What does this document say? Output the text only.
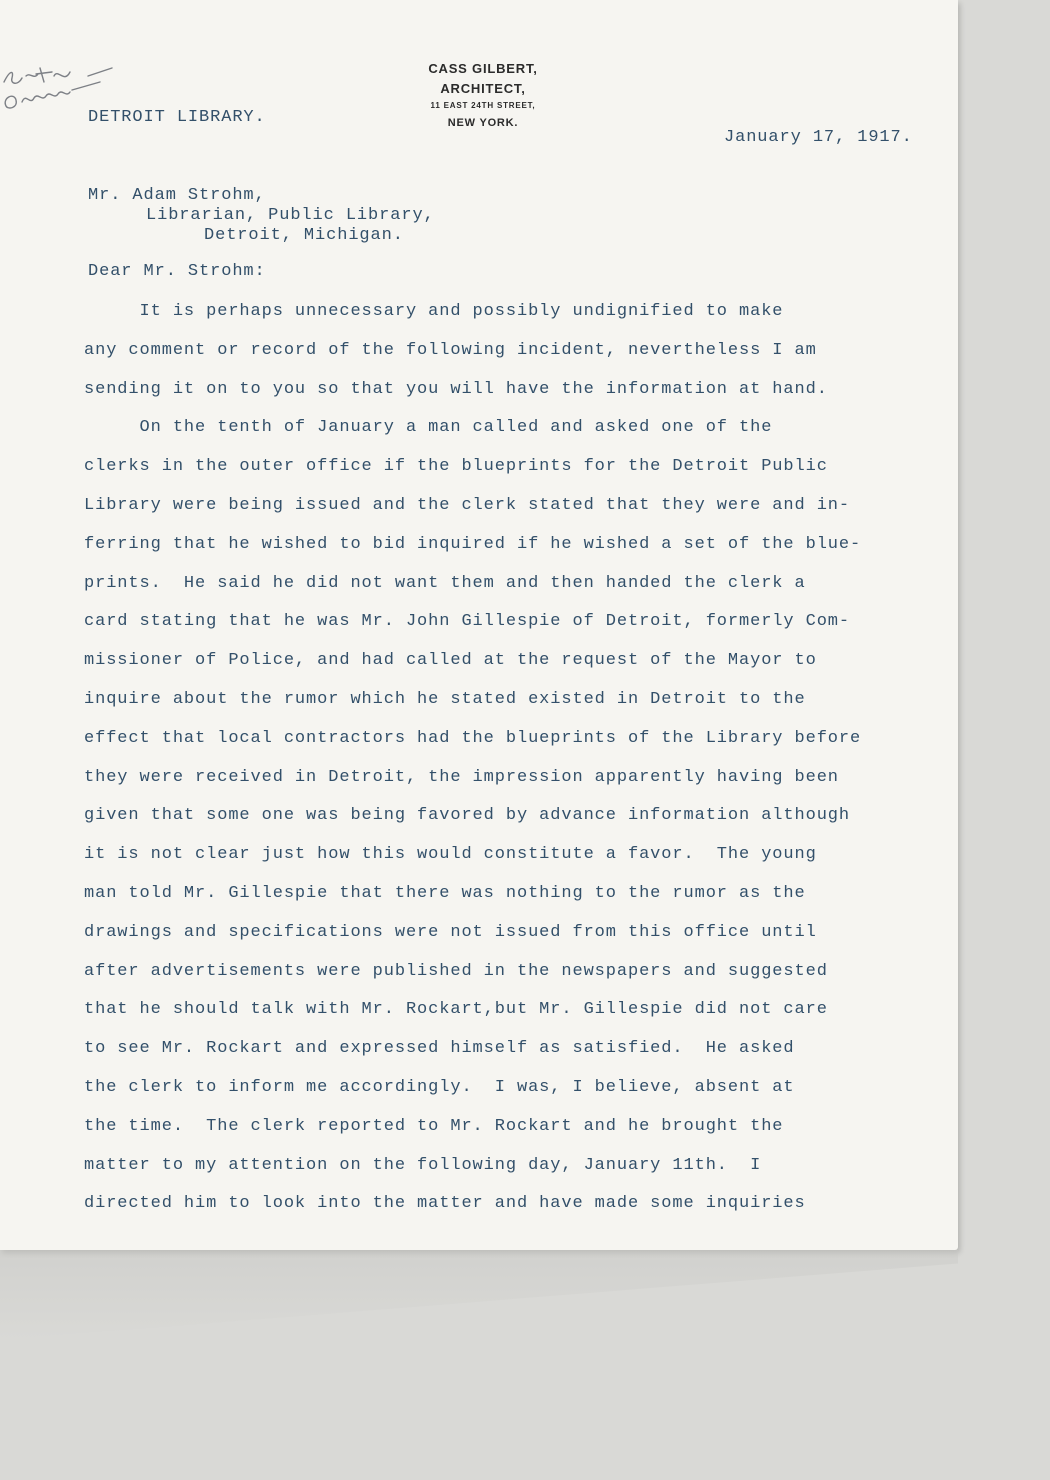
CASS GILBERT,
ARCHITECT,
11 EAST 24TH STREET,
NEW YORK.
DETROIT LIBRARY.
January 17, 1917.
Mr. Adam Strohm,
Librarian, Public Library,
Detroit, Michigan.
Dear Mr. Strohm:
It is perhaps unnecessary and possibly undignified to make
any comment or record of the following incident, nevertheless I am
sending it on to you so that you will have the information at hand.
On the tenth of January a man called and asked one of the
clerks in the outer office if the blueprints for the Detroit Public
Library were being issued and the clerk stated that they were and in-
ferring that he wished to bid inquired if he wished a set of the blue-
prints.  He said he did not want them and then handed the clerk a
card stating that he was Mr. John Gillespie of Detroit, formerly Com-
missioner of Police, and had called at the request of the Mayor to
inquire about the rumor which he stated existed in Detroit to the
effect that local contractors had the blueprints of the Library before
they were received in Detroit, the impression apparently having been
given that some one was being favored by advance information although
it is not clear just how this would constitute a favor.  The young
man told Mr. Gillespie that there was nothing to the rumor as the
drawings and specifications were not issued from this office until
after advertisements were published in the newspapers and suggested
that he should talk with Mr. Rockart,but Mr. Gillespie did not care
to see Mr. Rockart and expressed himself as satisfied.  He asked
the clerk to inform me accordingly.  I was, I believe, absent at
the time.  The clerk reported to Mr. Rockart and he brought the
matter to my attention on the following day, January 11th.  I
directed him to look into the matter and have made some inquiries
